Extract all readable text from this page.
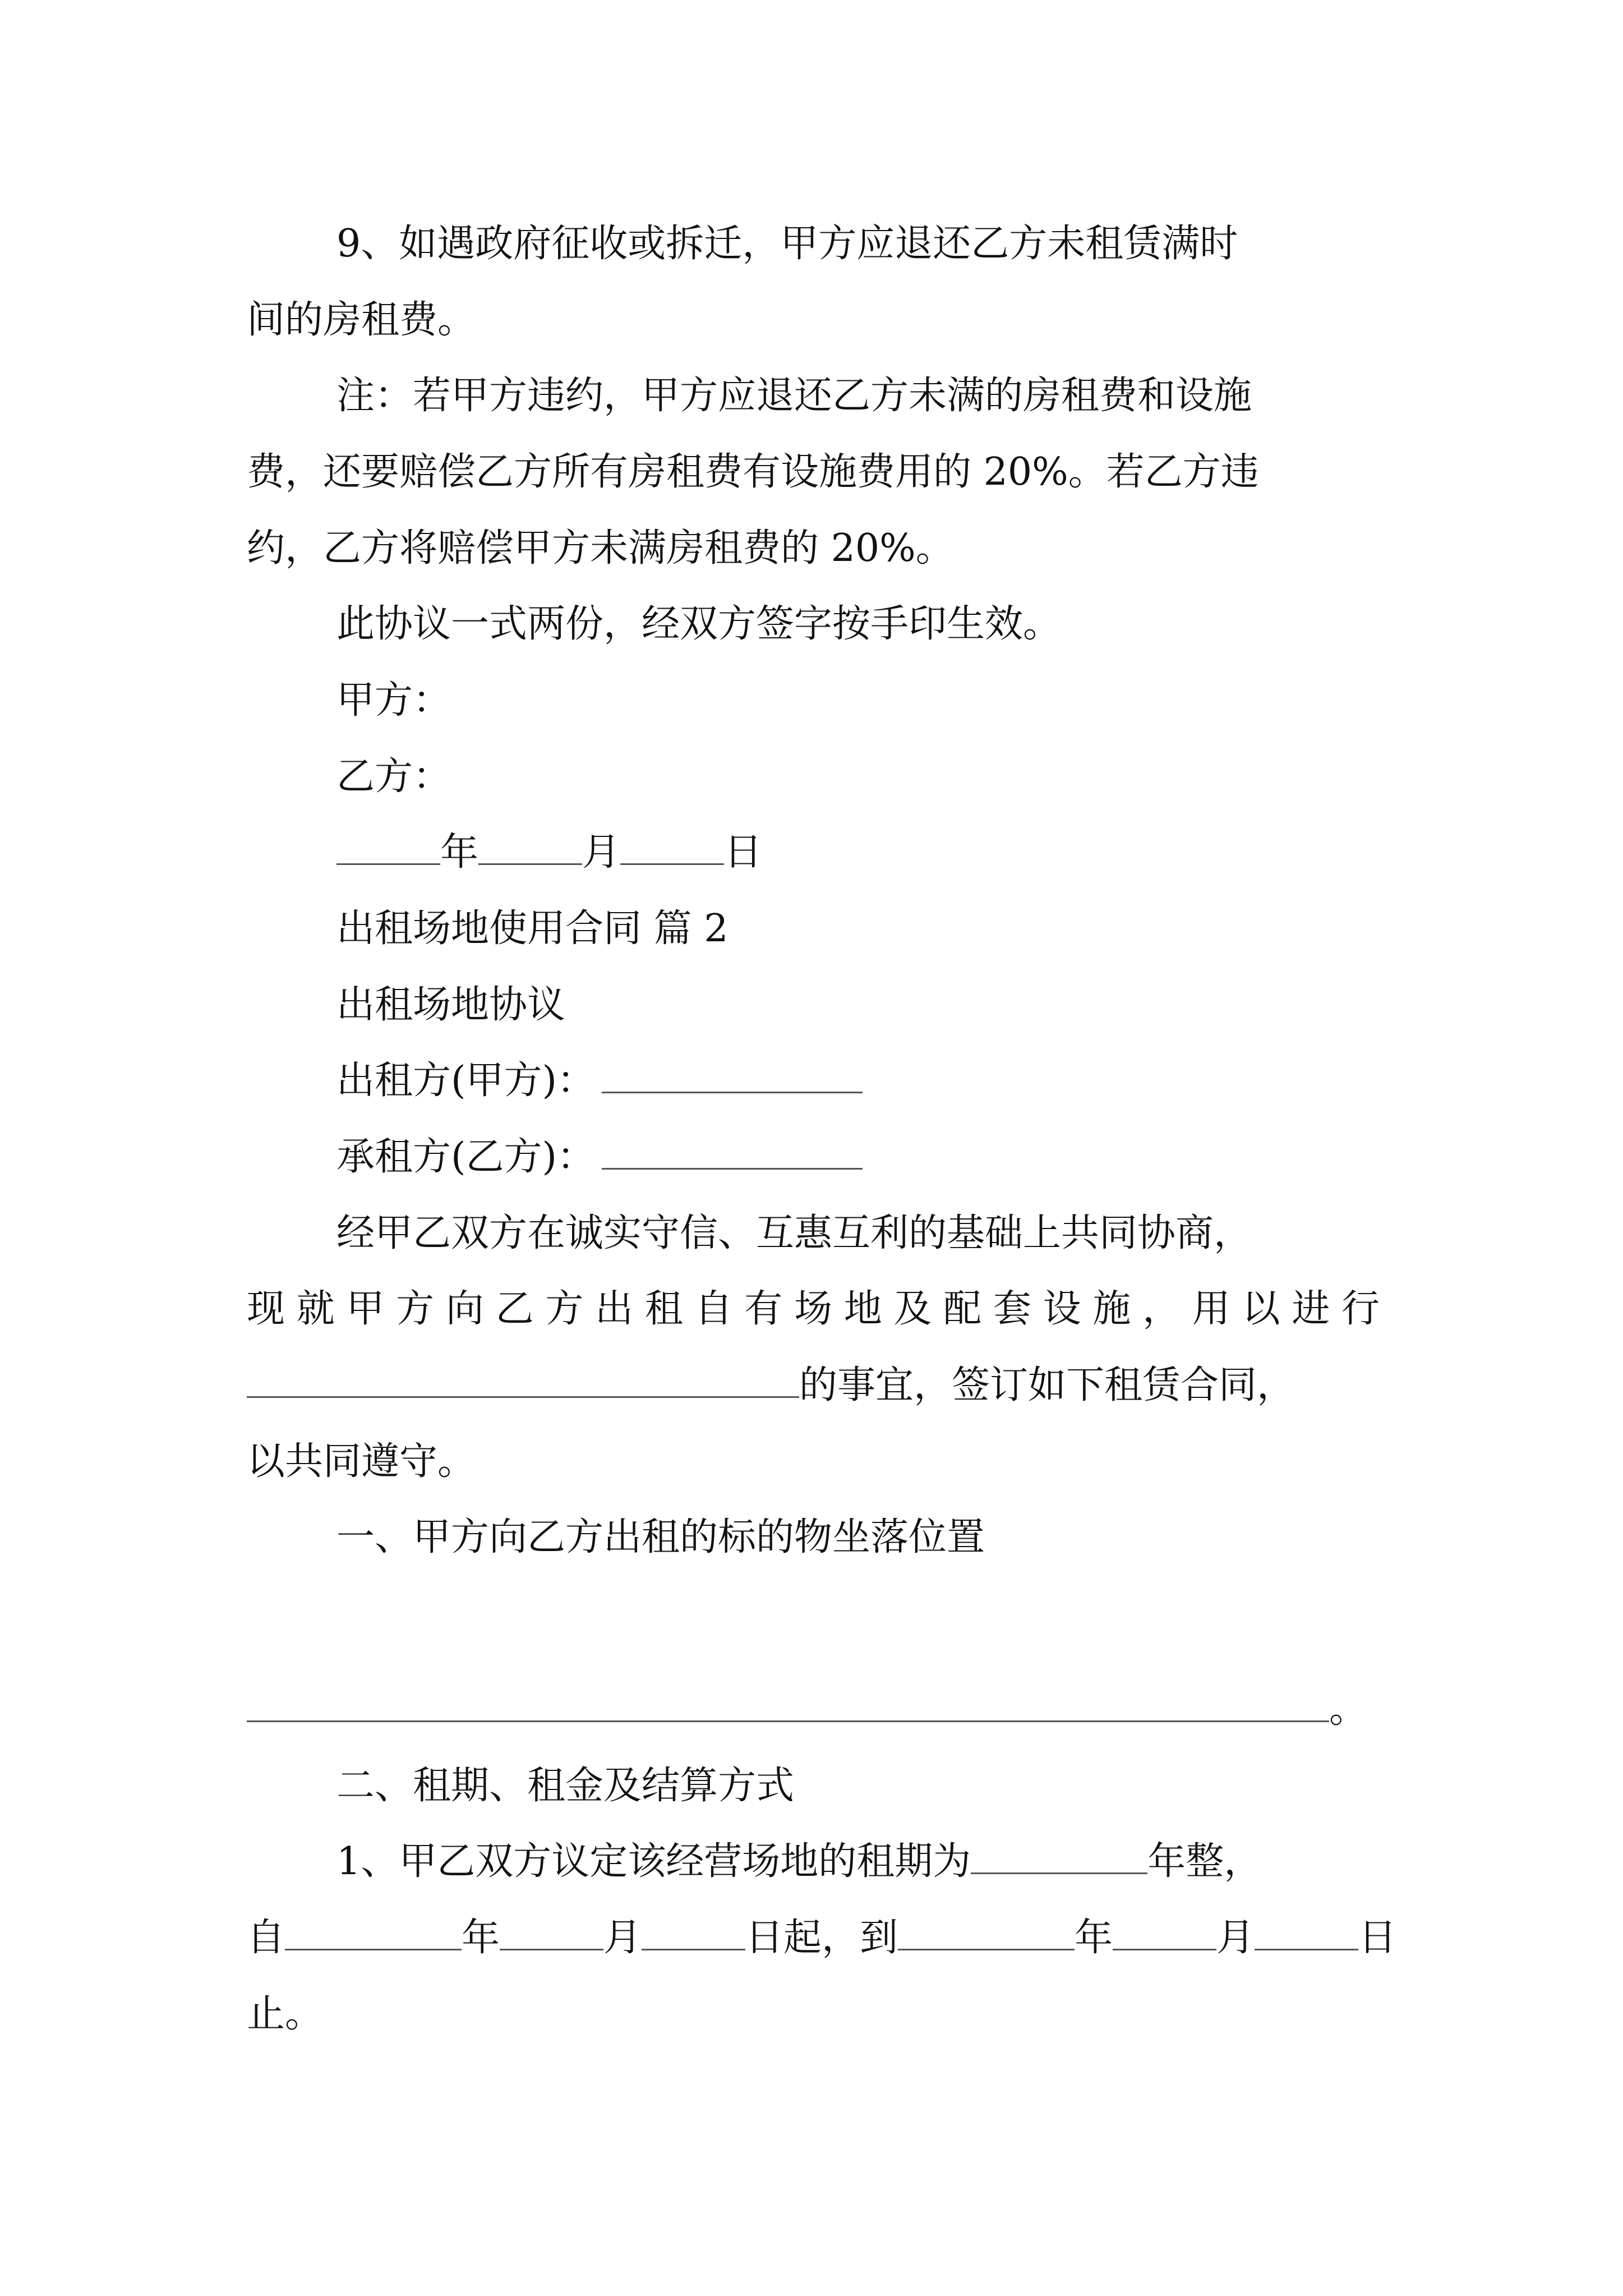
9、如遇政府征收或拆迁，甲方应退还乙方未租赁满时
间的房租费。
注：若甲方违约，甲方应退还乙方未满的房租费和设施
费，还要赔偿乙方所有房租费有设施费用的 20%。若乙方违
约，乙方将赔偿甲方未满房租费的 20%。
此协议一式两份，经双方签字按手印生效。
甲方：
乙方：
年	月	日
出租场地使用合同 篇 2
出租场地协议
出租方(甲方)：
承租方(乙方)：
经甲乙双方在诚实守信、互惠互利的基础上共同协商，
现就甲方向乙方出租自有场地及配套设施，用以进行
的事宜，签订如下租赁合同，
以共同遵守。
一、甲方向乙方出租的标的物坐落位置
。
二、租期、租金及结算方式
1、甲乙双方议定该经营场地的租期为	年整，
自	年	月	日起，到	年	月	日
止。
